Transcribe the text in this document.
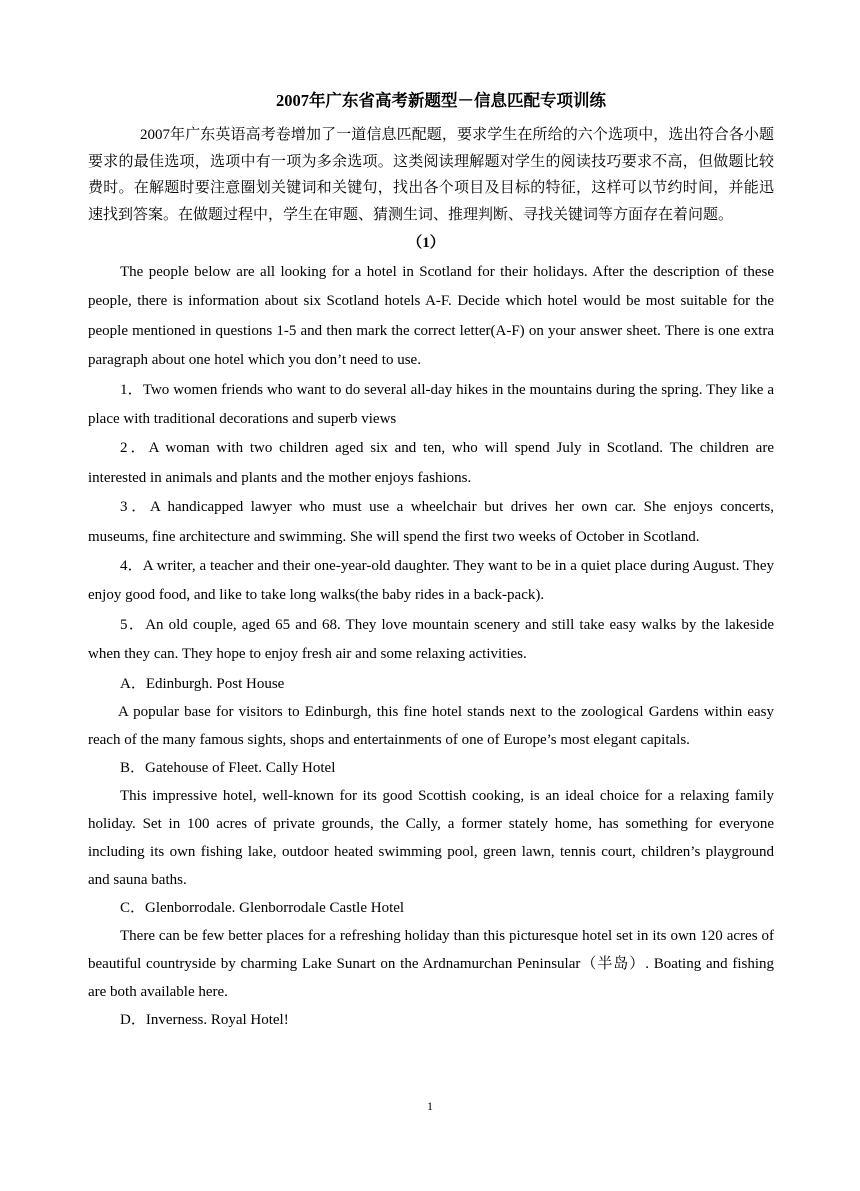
2007年广东省高考新题型－信息匹配专项训练

2007年广东英语高考卷增加了一道信息匹配题，要求学生在所给的六个选项中，选出符合各小题要求的最佳选项，选项中有一项为多余选项。这类阅读理解题对学生的阅读技巧要求不高，但做题比较费时。在解题时要注意圈划关键词和关键句，找出各个项目及目标的特征，这样可以节约时间，并能迅速找到答案。在做题过程中，学生在审题、猜测生词、推理判断、寻找关键词等方面存在着问题。

（1）

The people below are all looking for a hotel in Scotland for their holidays. After the description of these people, there is information about six Scotland hotels A-F. Decide which hotel would be most suitable for the people mentioned in questions 1-5 and then mark the correct letter(A-F) on your answer sheet. There is one extra paragraph about one hotel which you don’t need to use.

1．Two women friends who want to do several all-day hikes in the mountains during the spring. They like a place with traditional decorations and superb views

2．A woman with two children aged six and ten, who will spend July in Scotland. The children are interested in animals and plants and the mother enjoys fashions.

3．A handicapped lawyer who must use a wheelchair but drives her own car. She enjoys concerts, museums, fine architecture and swimming. She will spend the first two weeks of October in Scotland.

4．A writer, a teacher and their one-year-old daughter. They want to be in a quiet place during August. They enjoy good food, and like to take long walks(the baby rides in a back-pack).

5．An old couple, aged 65 and 68. They love mountain scenery and still take easy walks by the lakeside when they can. They hope to enjoy fresh air and some relaxing activities.

A．Edinburgh. Post House

A popular base for visitors to Edinburgh, this fine hotel stands next to the zoological Gardens within easy reach of the many famous sights, shops and entertainments of one of Europe’s most elegant capitals.

B．Gatehouse of Fleet. Cally Hotel

This impressive hotel, well-known for its good Scottish cooking, is an ideal choice for a relaxing family holiday. Set in 100 acres of private grounds, the Cally, a former stately home, has something for everyone including its own fishing lake, outdoor heated swimming pool, green lawn, tennis court, children’s playground and sauna baths.

C．Glenborrodale. Glenborrodale Castle Hotel

There can be few better places for a refreshing holiday than this picturesque hotel set in its own 120 acres of beautiful countryside by charming Lake Sunart on the Ardnamurchan Peninsular（半岛）. Boating and fishing are both available here.

D．Inverness. Royal Hotel!

1
